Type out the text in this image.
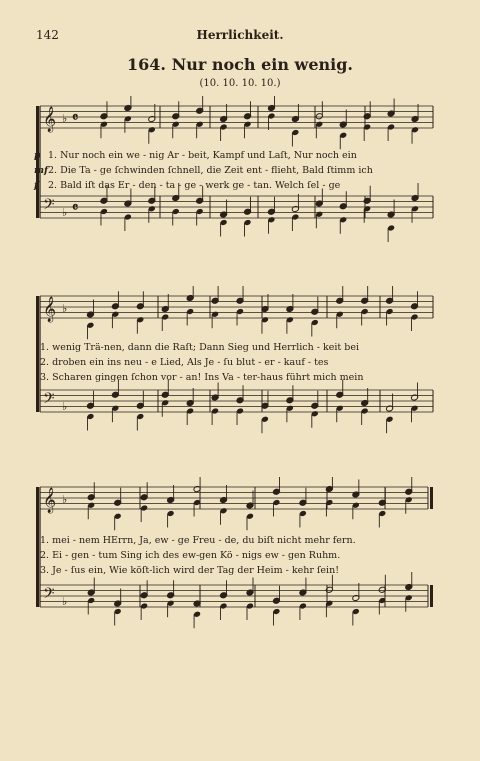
142	Herrlichkeit.
164. Nur noch ein wenig.
(10. 10. 10. 10.)
𝄞
𝄢
♭
♭
𝄴
𝄴
p 1. Nur noch ein we - nig Ar - beit, Kampf und Laſt, Nur noch ein
mf 2. Die Ta - ge ſchwinden ſchnell, die Zeit ent - flieht, Bald ſtimm ich
f 2. Bald iſt das Er - den - ta - ge - werk ge - tan. Welch ſel - ge
𝄞
𝄢
♭
♭
1. wenig Trä-nen, dann die Raſt; Dann Sieg und Herrlich - keit bei
2. droben ein ins neu - e Lied, Als Je - ſu blut - er - kauf - tes
3. Scharen gingen ſchon vor - an! Ins Va - ter-haus führt mich mein
𝄞
𝄢
♭
♭
1. mei - nem HErrn, Ja, ew - ge Freu - de, du biſt nicht mehr fern.
2. Ei - gen - tum Sing ich des ew-gen Kö - nigs ew - gen Ruhm.
3. Je - ſus ein, Wie köſt-lich wird der Tag der Heim - kehr ſein!
